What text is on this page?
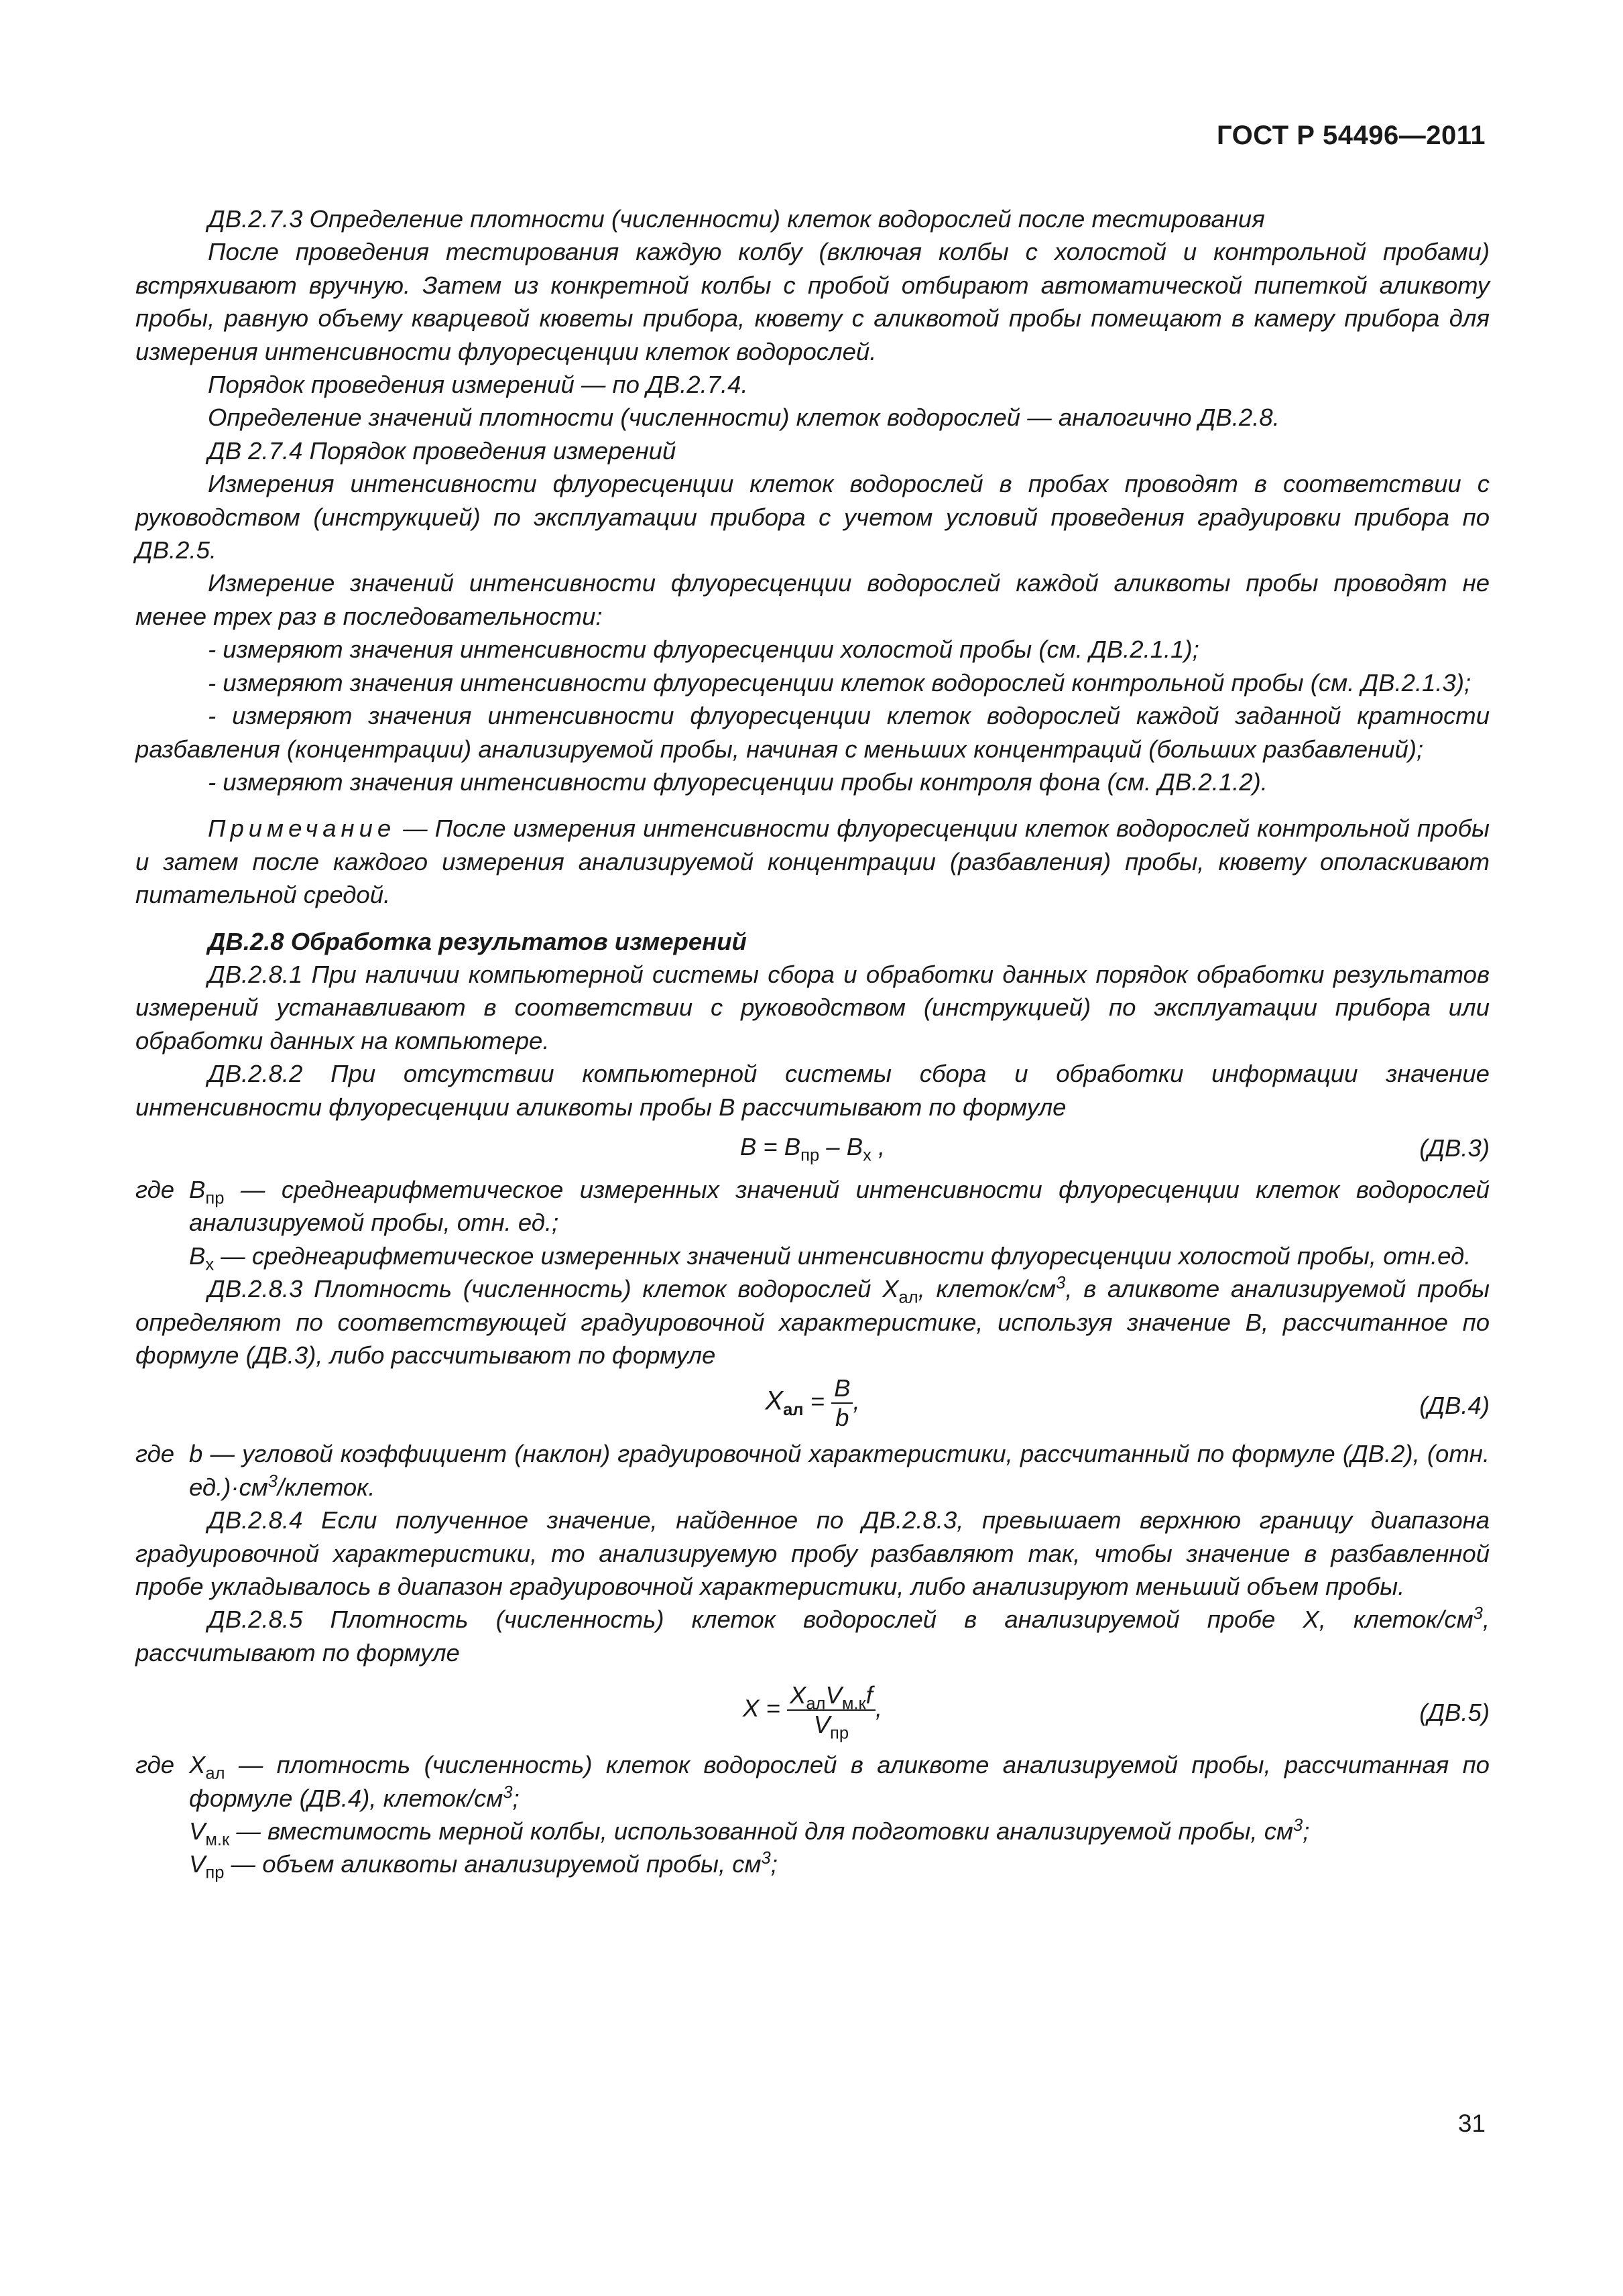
ГОСТ Р 54496—2011

ДВ.2.7.3 Определение плотности (численности) клеток водорослей после тестирования

После проведения тестирования каждую колбу (включая колбы с холостой и контрольной пробами) встряхивают вручную. Затем из конкретной колбы с пробой отбирают автоматической пипеткой аликвоту пробы, равную объему кварцевой кюветы прибора, кювету с аликвотой пробы помещают в камеру прибора для измерения интенсивности флуоресценции клеток водорослей.

Порядок проведения измерений — по ДВ.2.7.4.

Определение значений плотности (численности) клеток водорослей — аналогично ДВ.2.8.

ДВ 2.7.4 Порядок проведения измерений

Измерения интенсивности флуоресценции клеток водорослей в пробах проводят в соответствии с руководством (инструкцией) по эксплуатации прибора с учетом условий проведения градуировки прибора по ДВ.2.5.

Измерение значений интенсивности флуоресценции водорослей каждой аликвоты пробы проводят не менее трех раз в последовательности:

- измеряют значения интенсивности флуоресценции холостой пробы (см. ДВ.2.1.1);

- измеряют значения интенсивности флуоресценции клеток водорослей контрольной пробы (см. ДВ.2.1.3);

- измеряют значения интенсивности флуоресценции клеток водорослей каждой заданной кратности разбавления (концентрации) анализируемой пробы, начиная с меньших концентраций (больших разбавлений);

- измеряют значения интенсивности флуоресценции пробы контроля фона (см. ДВ.2.1.2).

Примечание — После измерения интенсивности флуоресценции клеток водорослей контрольной пробы и затем после каждого измерения анализируемой концентрации (разбавления) пробы, кювету ополаскивают питательной средой.

ДВ.2.8 Обработка результатов измерений

ДВ.2.8.1 При наличии компьютерной системы сбора и обработки данных порядок обработки результатов измерений устанавливают в соответствии с руководством (инструкцией) по эксплуатации прибора или обработки данных на компьютере.

ДВ.2.8.2 При отсутствии компьютерной системы сбора и обработки информации значение интенсивности флуоресценции аликвоты пробы В рассчитывают по формуле

$В = В_{пр} - В_x$ ,	(ДВ.3)
где $В_{пр}$ — среднеарифметическое измеренных значений интенсивности флуоресценции клеток водорослей анализируемой пробы, отн. ед.;
$В_х$ — среднеарифметическое измеренных значений интенсивности флуоресценции холостой пробы, отн.ед.

ДВ.2.8.3 Плотность (численность) клеток водорослей $X_{ал}$, клеток/$см^3$, в аликвоте анализируемой пробы определяют по соответствующей градуировочной характеристике, используя значение В, рассчитанное по формуле (ДВ.3), либо рассчитывают по формуле

$X_{ал} = \frac{B}{b}$ ,	(ДВ.4)
где b — угловой коэффициент (наклон) градуировочной характеристики, рассчитанный по формуле (ДВ.2), (отн. $ед.)\cdot см^3$/клеток.

ДВ.2.8.4 Если полученное значение, найденное по ДВ.2.8.3, превышает верхнюю границу диапазона градуировочной характеристики, то анализируемую пробу разбавляют так, чтобы значение в разбавленной пробе укладывалось в диапазон градуировочной характеристики, либо анализируют меньший объем пробы.

ДВ.2.8.5 Плотность (численность) клеток водорослей в анализируемой пробе X, клеток/$см^3$, рассчитывают по формуле

$X = \frac{X_{ал}V_{м.к}f}{V_{пр}}$ ,	(ДВ.5)
где $X_{ал}$ — плотность (численность) клеток водорослей в аликвоте анализируемой пробы, рассчитанная по формуле (ДВ.4), клеток/$см^3$;
$V_{м.к}$ — вместимость мерной колбы, использованной для подготовки анализируемой пробы, $см^3$;
$V_{пр}$ — объем аликвоты анализируемой пробы, $см^3$;
31
